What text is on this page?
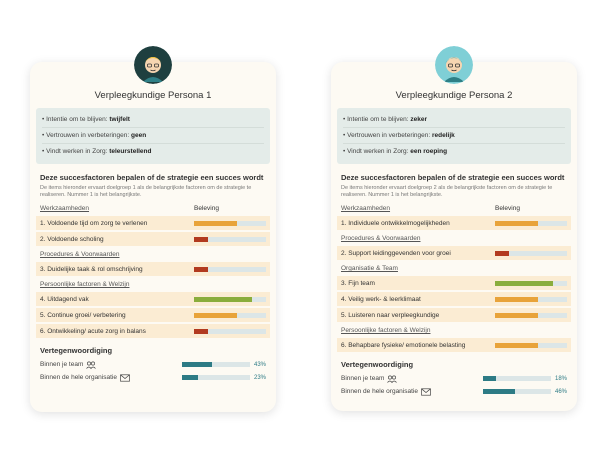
Verpleegkundige Persona 1
• Intentie om te blijven: twijfelt
• Vertrouwen in verbeteringen: geen
• Vindt werken in Zorg: teleurstellend
Deze succesfactoren bepalen of de strategie een succes wordt
De items hieronder ervaart doelgroep 1 als de belangrijkste factoren om de strategie te realiseren. Nummer 1 is het belangrijkste.
Werkzaamheden	Beleving
1. Voldoende tijd om zorg te verlenen
2. Voldoende scholing
Procedures & Voorwaarden
3. Duidelijke taak & rol omschrijving
Persoonlijke factoren & Welzijn
4. Uitdagend vak
5. Continue groei/ verbetering
6. Ontwikkeling/ acute zorg in balans
Vertegenwoordiging
Binnen je team	43%
Binnen de hele organisatie	23%
Verpleegkundige Persona 2
• Intentie om te blijven: zeker
• Vertrouwen in verbeteringen: redelijk
• Vindt werken in Zorg: een roeping
Deze succesfactoren bepalen of de strategie een succes wordt
De items hieronder ervaart doelgroep 2 als de belangrijkste factoren om de strategie te realiseren. Nummer 1 is het belangrijkste.
Werkzaamheden	Beleving
1. Individuele ontwikkelmogelijkheden
Procedures & Voorwaarden
2. Support leidinggevenden voor groei
Organisatie & Team
3. Fijn team
4. Veilig werk- & leerklimaat
5. Luisteren naar verpleegkundige
Persoonlijke factoren & Welzijn
6. Behapbare fysieke/ emotionele belasting
Vertegenwoordiging
Binnen je team	18%
Binnen de hele organisatie	46%
